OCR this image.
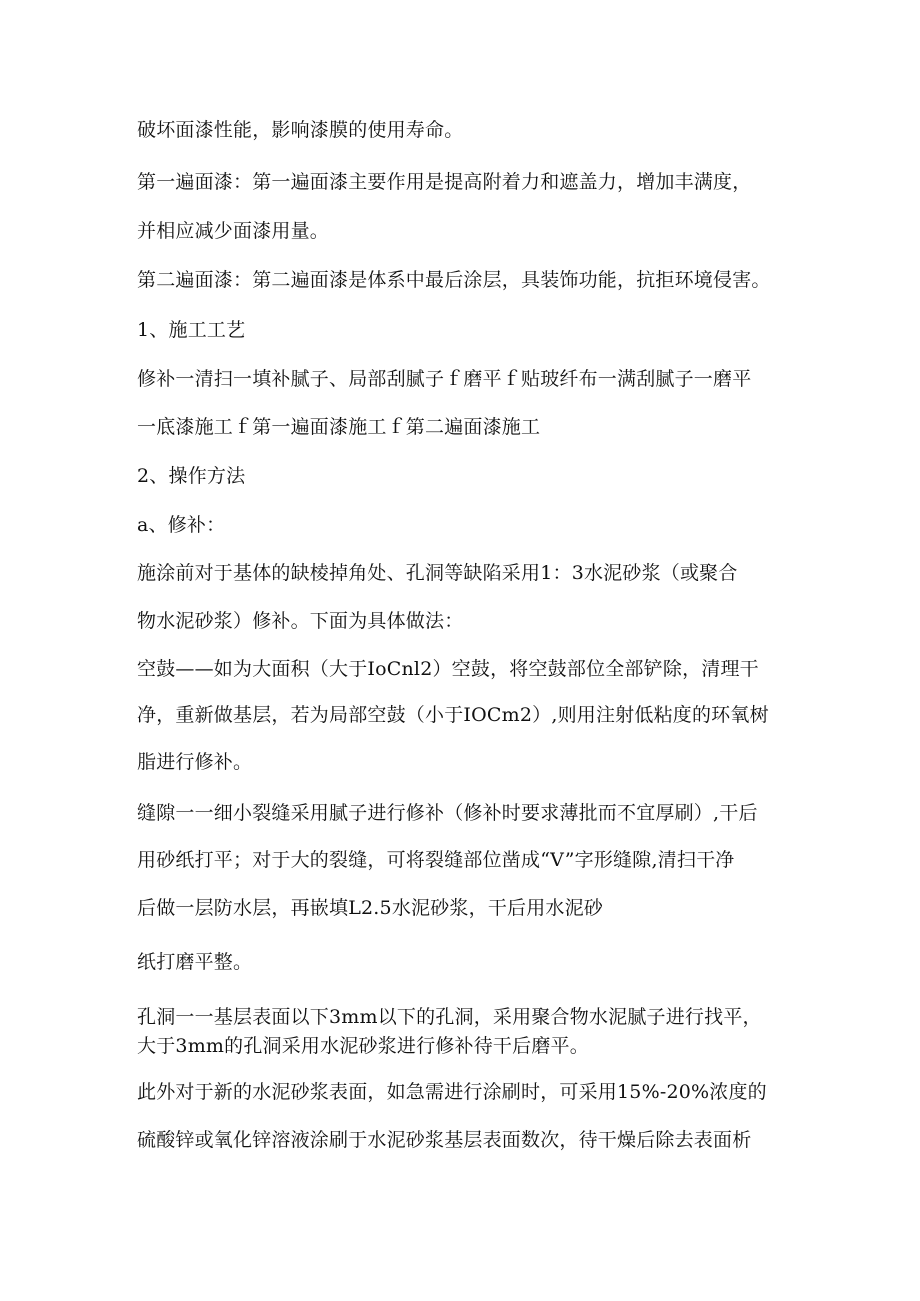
破坏面漆性能，影响漆膜的使用寿命。
第一遍面漆：第一遍面漆主要作用是提高附着力和遮盖力，增加丰满度，
并相应减少面漆用量。
第二遍面漆：第二遍面漆是体系中最后涂层，具装饰功能，抗拒环境侵害。
1、施工工艺
修补一清扫一填补腻子、局部刮腻子ｆ磨平ｆ贴玻纤布一满刮腻子一磨平
一底漆施工ｆ第一遍面漆施工ｆ第二遍面漆施工
2、操作方法
a、修补：
施涂前对于基体的缺棱掉角处、孔洞等缺陷采用1：3水泥砂浆（或聚合
物水泥砂浆）修补。下面为具体做法：
空鼓——如为大面积（大于IoCnl2）空鼓，将空鼓部位全部铲除，清理干
净，重新做基层，若为局部空鼓（小于IOCm2）,则用注射低粘度的环氧树
脂进行修补。
缝隙一一细小裂缝采用腻子进行修补（修补时要求薄批而不宜厚刷）,干后
用砂纸打平；对于大的裂缝，可将裂缝部位凿成“V”字形缝隙,清扫干净
后做一层防水层，再嵌填L2.5水泥砂浆，干后用水泥砂
纸打磨平整。
孔洞一一基层表面以下3mm以下的孔洞，采用聚合物水泥腻子进行找平，
大于3mm的孔洞采用水泥砂浆进行修补待干后磨平。
此外对于新的水泥砂浆表面，如急需进行涂刷时，可采用15%-20%浓度的
硫酸锌或氧化锌溶液涂刷于水泥砂浆基层表面数次，待干燥后除去表面析
